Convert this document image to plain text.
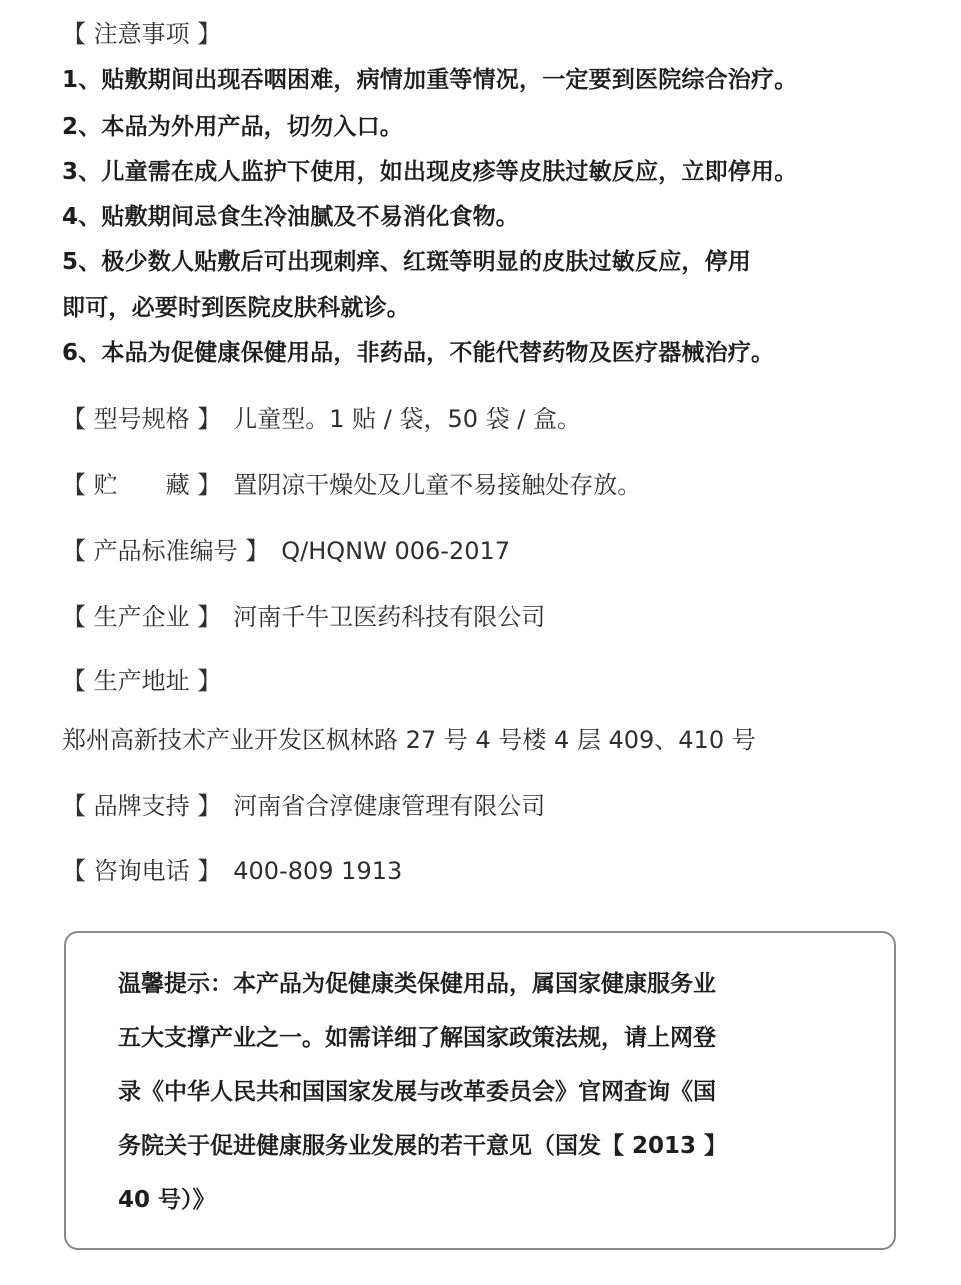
【 注意事项 】
1、贴敷期间出现吞咽困难，病情加重等情况，一定要到医院综合治疗。
2、本品为外用产品，切勿入口。
3、儿童需在成人监护下使用，如出现皮疹等皮肤过敏反应，立即停用。
4、贴敷期间忌食生冷油腻及不易消化食物。
5、极少数人贴敷后可出现刺痒、红斑等明显的皮肤过敏反应，停用
即可，必要时到医院皮肤科就诊。
6、本品为促健康保健用品，非药品，不能代替药物及医疗器械治疗。
【 型号规格 】 儿童型。1 贴 / 袋，50 袋 / 盒。
【 贮　　藏 】 置阴凉干燥处及儿童不易接触处存放。
【 产品标准编号 】 Q/HQNW 006-2017
【 生产企业 】 河南千牛卫医药科技有限公司
【 生产地址 】
郑州高新技术产业开发区枫林路 27 号 4 号楼 4 层 409、410 号
【 品牌支持 】 河南省合淳健康管理有限公司
【 咨询电话 】 400-809 1913
温馨提示：本产品为促健康类保健用品，属国家健康服务业
五大支撑产业之一。如需详细了解国家政策法规，请上网登
录《中华人民共和国国家发展与改革委员会》官网查询《国
务院关于促进健康服务业发展的若干意见（国发【 2013 】
40 号）》
